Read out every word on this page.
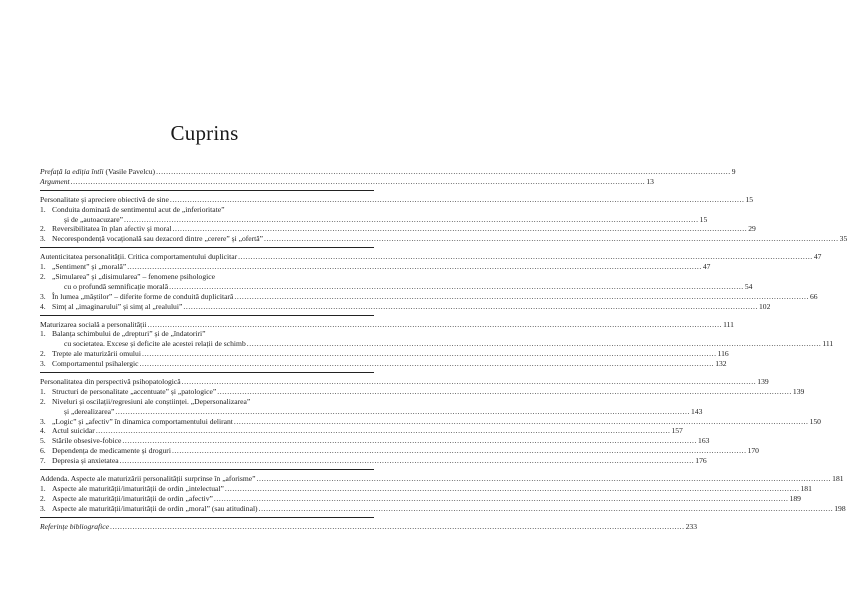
Cuprins
Prefață la ediția întîi (Vasile Pavelcu) .....	9
Argument .....	13
Personalitate și apreciere obiectivă de sine .....	15
1. Conduita dominată de sentimentul acut de „inferioritate”
și de „autoacuzare” .....	15
2. Reversibilitatea în plan afectiv și moral .....	29
3. Necorespondență vocațională sau dezacord dintre „cerere” și „ofertă” .....	35
Autenticitatea personalității. Critica comportamentului duplicitar .....	47
1. „Sentiment” și „morală” .....	47
2. „Simularea” și „disimularea” – fenomene psihologice
cu o profundă semnificație morală .....	54
3. În lumea „măștilor” – diferite forme de conduită duplicitară .....	66
4. Simț al „imaginarului” și simț al „realului” .....	102
Maturizarea socială a personalității .....	111
1. Balanța schimbului de „drepturi” și de „îndatoriri”
cu societatea. Excese și deficite ale acestei relații de schimb .....	111
2. Trepte ale maturizării omului .....	116
3. Comportamentul psihalergic .....	132
Personalitatea din perspectivă psihopatologică .....	139
1. Structuri de personalitate „accentuate” și „patologice” .....	139
2. Niveluri și oscilații/regresiuni ale conștiinței. „Depersonalizarea”
și „derealizarea” .....	143
3. „Logic” și „afectiv” în dinamica comportamentului delirant .....	150
4. Actul suicidar .....	157
5. Stările obsesive-fobice .....	163
6. Dependența de medicamente și droguri .....	170
7. Depresia și anxietatea .....	176
Addenda. Aspecte ale maturizării personalității surprinse în „aforisme” .....	181
1. Aspecte ale maturității/imaturității de ordin „intelectual” .....	181
2. Aspecte ale maturității/imaturității de ordin „afectiv” .....	189
3. Aspecte ale maturității/imaturității de ordin „moral” (sau atitudinal) .....	198
Referințe bibliografice .....	233
